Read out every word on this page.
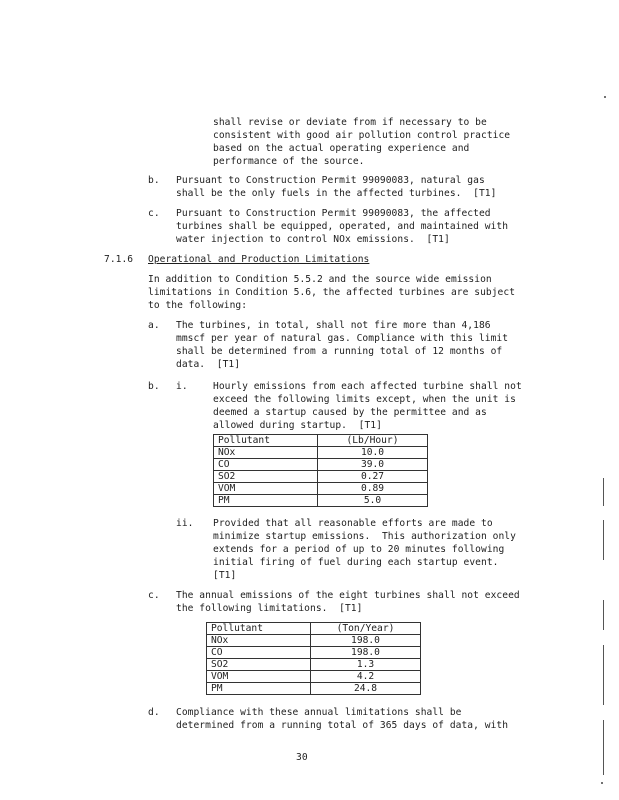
shall revise or deviate from if necessary to be
consistent with good air pollution control practice
based on the actual operating experience and
performance of the source.
b. Pursuant to Construction Permit 99090083, natural gas
shall be the only fuels in the affected turbines.  [T1]
c. Pursuant to Construction Permit 99090083, the affected
turbines shall be equipped, operated, and maintained with
water injection to control NOx emissions.  [T1]
7.1.6 Operational and Production Limitations
In addition to Condition 5.5.2 and the source wide emission
limitations in Condition 5.6, the affected turbines are subject
to the following:
a. The turbines, in total, shall not fire more than 4,186
mmscf per year of natural gas. Compliance with this limit
shall be determined from a running total of 12 months of
data.  [T1]
b. i.	Hourly emissions from each affected turbine shall not
exceed the following limits except, when the unit is
deemed a startup caused by the permittee and as
allowed during startup.  [T1]
Pollutant	(Lb/Hour)
NOx	10.0
CO	39.0
SO2	0.27
VOM	0.89
PM	5.0
ii. Provided that all reasonable efforts are made to
minimize startup emissions.  This authorization only
extends for a period of up to 20 minutes following
initial firing of fuel during each startup event.
[T1]
c. The annual emissions of the eight turbines shall not exceed
the following limitations.  [T1]
Pollutant	(Ton/Year)
NOx	198.0
CO	198.0
SO2	1.3
VOM	4.2
PM	24.8
d. Compliance with these annual limitations shall be
determined from a running total of 365 days of data, with
30
